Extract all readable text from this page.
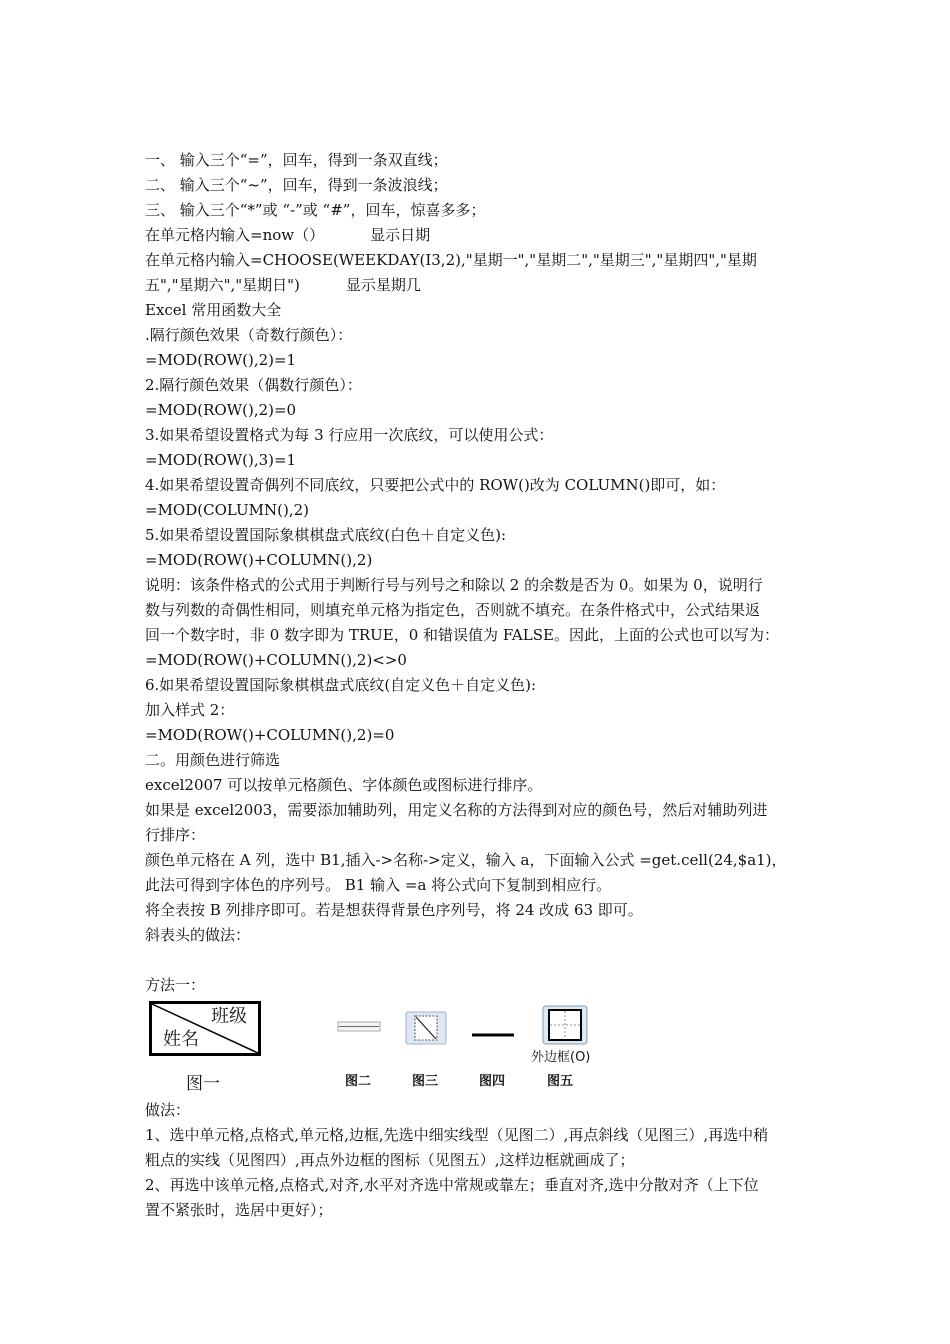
一、 输入三个“=”，回车，得到一条双直线；
二、 输入三个“~”，回车，得到一条波浪线；
三、 输入三个“*”或 “-”或 “#”，回车，惊喜多多；
在单元格内输入=now（）	显示日期
在单元格内输入=CHOOSE(WEEKDAY(I3,2),"星期一","星期二","星期三","星期四","星期
五","星期六","星期日")	显示星期几
Excel 常用函数大全
.隔行颜色效果（奇数行颜色）：
=MOD(ROW(),2)=1
2.隔行颜色效果（偶数行颜色）：
=MOD(ROW(),2)=0
3.如果希望设置格式为每 3 行应用一次底纹，可以使用公式：
=MOD(ROW(),3)=1
4.如果希望设置奇偶列不同底纹，只要把公式中的 ROW()改为 COLUMN()即可，如：
=MOD(COLUMN(),2)
5.如果希望设置国际象棋棋盘式底纹(白色＋自定义色):
=MOD(ROW()+COLUMN(),2)
说明：该条件格式的公式用于判断行号与列号之和除以 2 的余数是否为 0。如果为 0，说明行
数与列数的奇偶性相同，则填充单元格为指定色，否则就不填充。在条件格式中，公式结果返
回一个数字时，非 0 数字即为 TRUE，0 和错误值为 FALSE。因此，上面的公式也可以写为：
=MOD(ROW()+COLUMN(),2)<>0
6.如果希望设置国际象棋棋盘式底纹(自定义色＋自定义色):
加入样式 2：
=MOD(ROW()+COLUMN(),2)=0
二。用颜色进行筛选
excel2007 可以按单元格颜色、字体颜色或图标进行排序。
如果是 excel2003，需要添加辅助列，用定义名称的方法得到对应的颜色号，然后对辅助列进
行排序：
颜色单元格在 A 列，选中 B1,插入->名称->定义，输入 a，下面输入公式 =get.cell(24,$a1)，
此法可得到字体色的序列号。 B1 输入 =a 将公式向下复制到相应行。
将全表按 B 列排序即可。若是想获得背景色序列号，将 24 改成 63 即可。
斜表头的做法：
方法一：
做法：
1、选中单元格,点格式,单元格,边框,先选中细实线型（见图二）,再点斜线（见图三）,再选中稍
粗点的实线（见图四）,再点外边框的图标（见图五）,这样边框就画成了；
2、再选中该单元格,点格式,对齐,水平对齐选中常规或靠左；垂直对齐,选中分散对齐（上下位
置不紧张时，选居中更好）；
班级
姓名
外边框(O)
图一	图二	图三	图四	图五
